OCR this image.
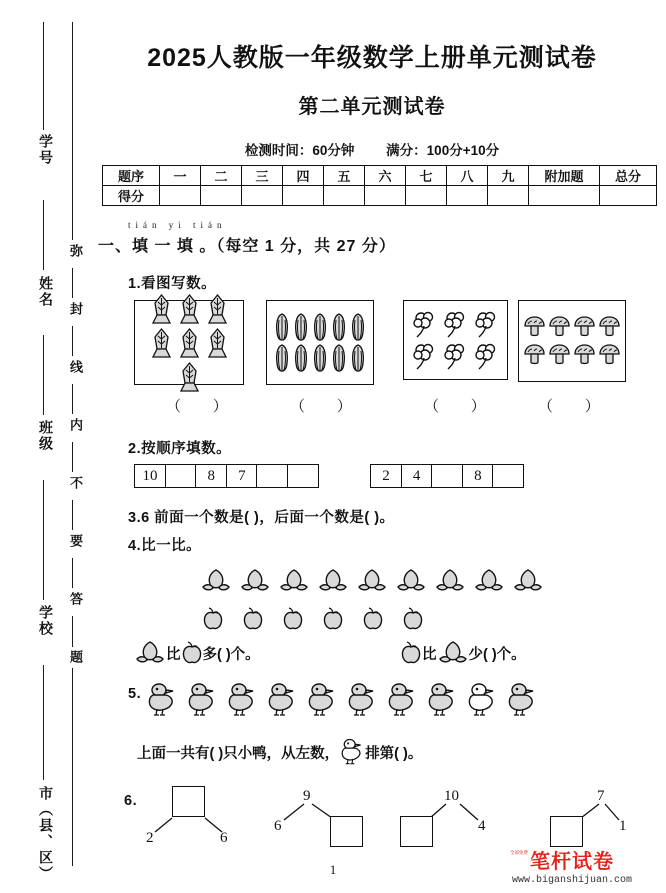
学号
姓名
班级
学校
市（县、区）
弥
封
线
内
不
要
答
题
2025人教版一年级数学上册单元测试卷
第二单元测试卷
检测时间：60分钟 满分：100分+10分
题序	一	二	三	四	五	六	七	八	九	附加题	总分
得分											
tián yi tián
一、填 一 填 。（每空 1 分，共 27 分）
1.看图写数。
（ ）	（ ）	（ ）	（ ）
2.按顺序填数。
10	8	7	2	4	8
3.6 前面一个数是( )，后面一个数是( )。
4.比一比。
比 多( )个。	比 少( )个。
5.
上面一共有( )只小鸭，从左数， 排第( )。
6.
2	6
9
6
10
4
7
1
全部免费 笔杆试卷
www.biganshijuan.com
1
